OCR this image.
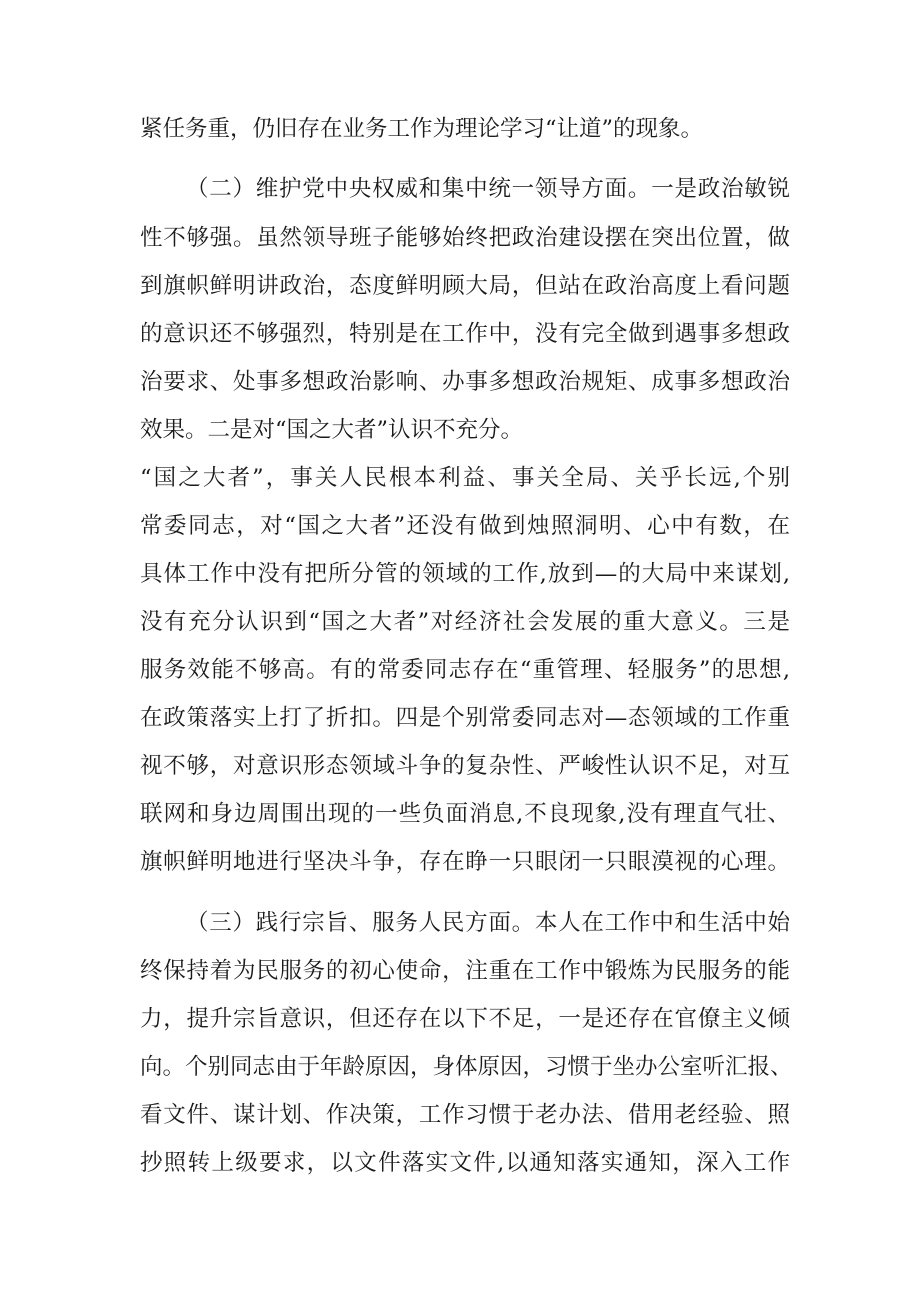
紧任务重，仍旧存在业务工作为理论学习“让道”的现象。
（二）维护党中央权威和集中统一领导方面。一是政治敏锐
性不够强。虽然领导班子能够始终把政治建设摆在突出位置，做
到旗帜鲜明讲政治，态度鲜明顾大局，但站在政治高度上看问题
的意识还不够强烈，特别是在工作中，没有完全做到遇事多想政
治要求、处事多想政治影响、办事多想政治规矩、成事多想政治
效果。二是对“国之大者”认识不充分。
“国之大者”，事关人民根本利益、事关全局、关乎长远,个别
常委同志，对“国之大者”还没有做到烛照洞明、心中有数，在
具体工作中没有把所分管的领域的工作,放到—的大局中来谋划,
没有充分认识到“国之大者”对经济社会发展的重大意义。三是
服务效能不够高。有的常委同志存在“重管理、轻服务”的思想,
在政策落实上打了折扣。四是个别常委同志对—态领域的工作重
视不够，对意识形态领域斗争的复杂性、严峻性认识不足，对互
联网和身边周围出现的一些负面消息,不良现象,没有理直气壮、
旗帜鲜明地进行坚决斗争，存在睁一只眼闭一只眼漠视的心理。
（三）践行宗旨、服务人民方面。本人在工作中和生活中始
终保持着为民服务的初心使命，注重在工作中锻炼为民服务的能
力，提升宗旨意识，但还存在以下不足，一是还存在官僚主义倾
向。个别同志由于年龄原因，身体原因，习惯于坐办公室听汇报、
看文件、谋计划、作决策，工作习惯于老办法、借用老经验、照
抄照转上级要求，以文件落实文件,以通知落实通知，深入工作
